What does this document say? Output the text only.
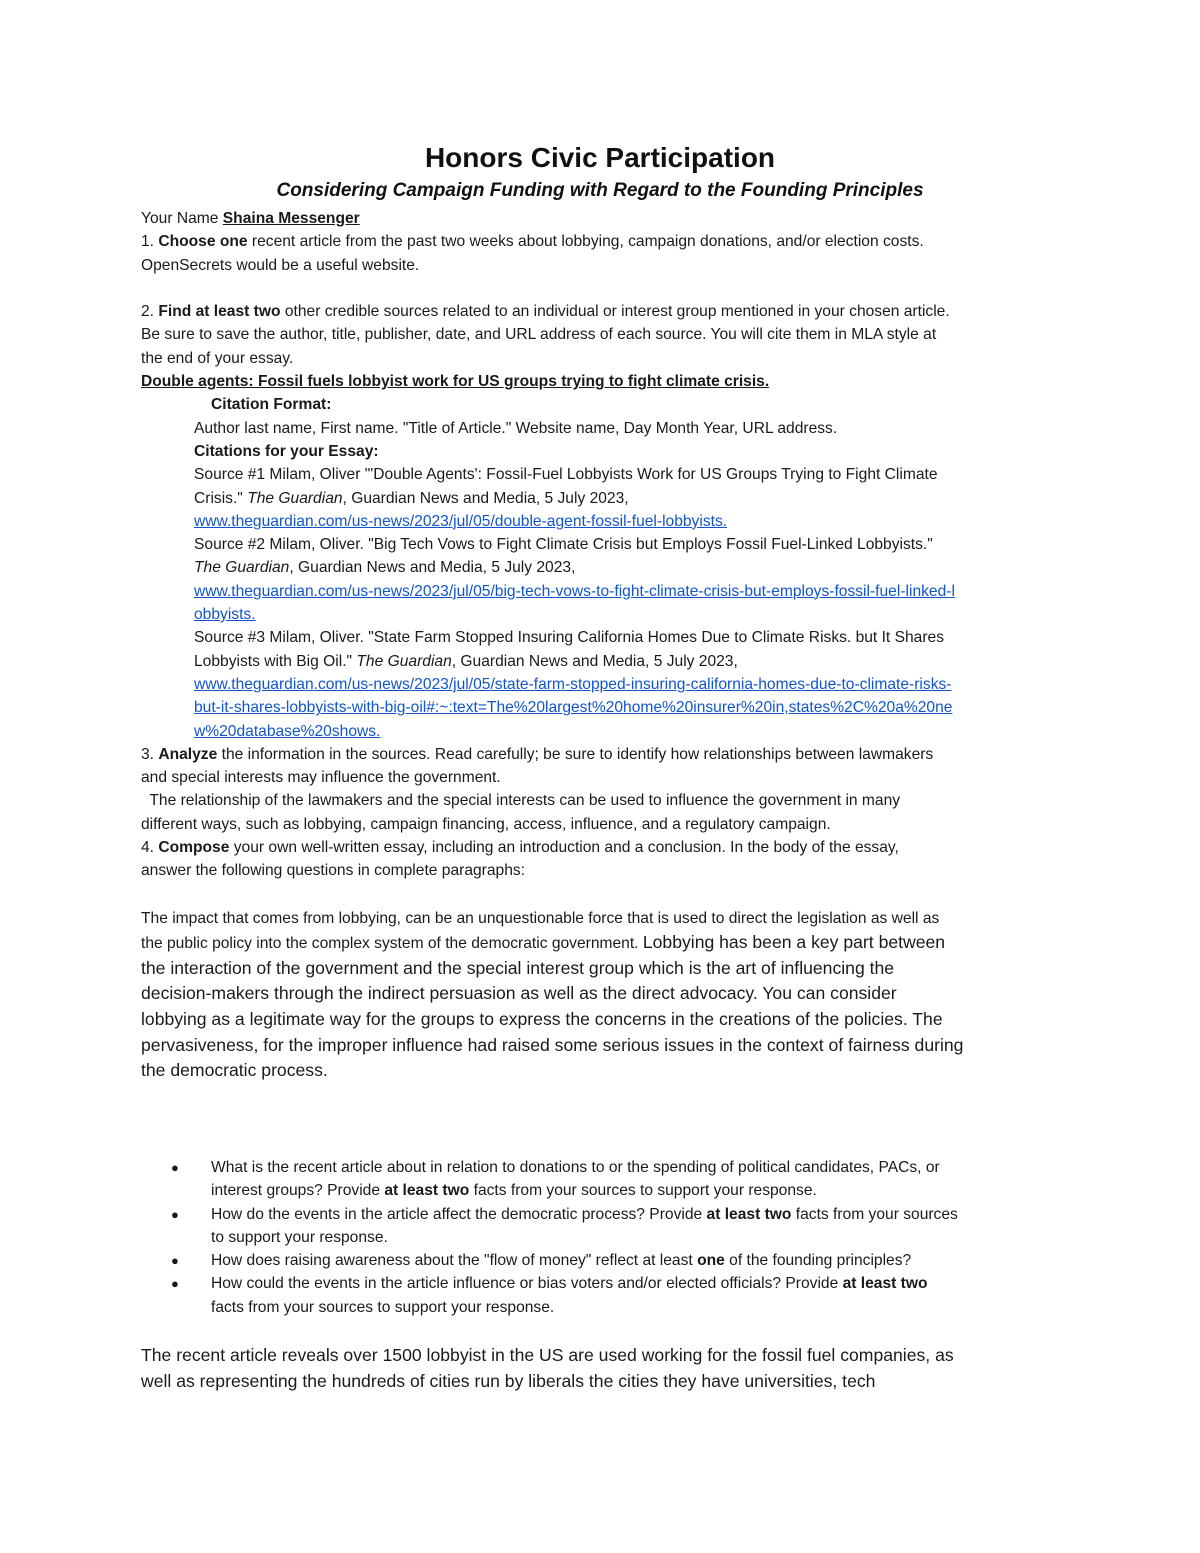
Honors Civic Participation
Considering Campaign Funding with Regard to the Founding Principles
Your Name Shaina Messenger
1. Choose one recent article from the past two weeks about lobbying, campaign donations, and/or election costs.
OpenSecrets would be a useful website.

2. Find at least two other credible sources related to an individual or interest group mentioned in your chosen article.
Be sure to save the author, title, publisher, date, and URL address of each source. You will cite them in MLA style at
the end of your essay.
Double agents: Fossil fuels lobbyist work for US groups trying to fight climate crisis.
Citation Format:
Author last name, First name. "Title of Article." Website name, Day Month Year, URL address.
Citations for your Essay:
Source #1 Milam, Oliver "'Double Agents': Fossil-Fuel Lobbyists Work for US Groups Trying to Fight Climate
Crisis." The Guardian, Guardian News and Media, 5 July 2023,
www.theguardian.com/us-news/2023/jul/05/double-agent-fossil-fuel-lobbyists.
Source #2 Milam, Oliver. "Big Tech Vows to Fight Climate Crisis but Employs Fossil Fuel-Linked Lobbyists."
The Guardian, Guardian News and Media, 5 July 2023,
www.theguardian.com/us-news/2023/jul/05/big-tech-vows-to-fight-climate-crisis-but-employs-fossil-fuel-linked-l
obbyists.
Source #3 Milam, Oliver. "State Farm Stopped Insuring California Homes Due to Climate Risks. but It Shares
Lobbyists with Big Oil." The Guardian, Guardian News and Media, 5 July 2023,
www.theguardian.com/us-news/2023/jul/05/state-farm-stopped-insuring-california-homes-due-to-climate-risks-
but-it-shares-lobbyists-with-big-oil#:~:text=The%20largest%20home%20insurer%20in,states%2C%20a%20ne
w%20database%20shows.
3. Analyze the information in the sources. Read carefully; be sure to identify how relationships between lawmakers
and special interests may influence the government.
The relationship of the lawmakers and the special interests can be used to influence the government in many
different ways, such as lobbying, campaign financing, access, influence, and a regulatory campaign.
4. Compose your own well-written essay, including an introduction and a conclusion. In the body of the essay,
answer the following questions in complete paragraphs:
The impact that comes from lobbying, can be an unquestionable force that is used to direct the legislation as well as
the public policy into the complex system of the democratic government. Lobbying has been a key part between
the interaction of the government and the special interest group which is the art of influencing the
decision-makers through the indirect persuasion as well as the direct advocacy. You can consider
lobbying as a legitimate way for the groups to express the concerns in the creations of the policies. The
pervasiveness, for the improper influence had raised some serious issues in the context of fairness during
the democratic process.
● What is the recent article about in relation to donations to or the spending of political candidates, PACs, or
interest groups? Provide at least two facts from your sources to support your response.
● How do the events in the article affect the democratic process? Provide at least two facts from your sources
to support your response.
● How does raising awareness about the "flow of money" reflect at least one of the founding principles?
● How could the events in the article influence or bias voters and/or elected officials? Provide at least two
facts from your sources to support your response.
The recent article reveals over 1500 lobbyist in the US are used working for the fossil fuel companies, as
well as representing the hundreds of cities run by liberals the cities they have universities, tech
